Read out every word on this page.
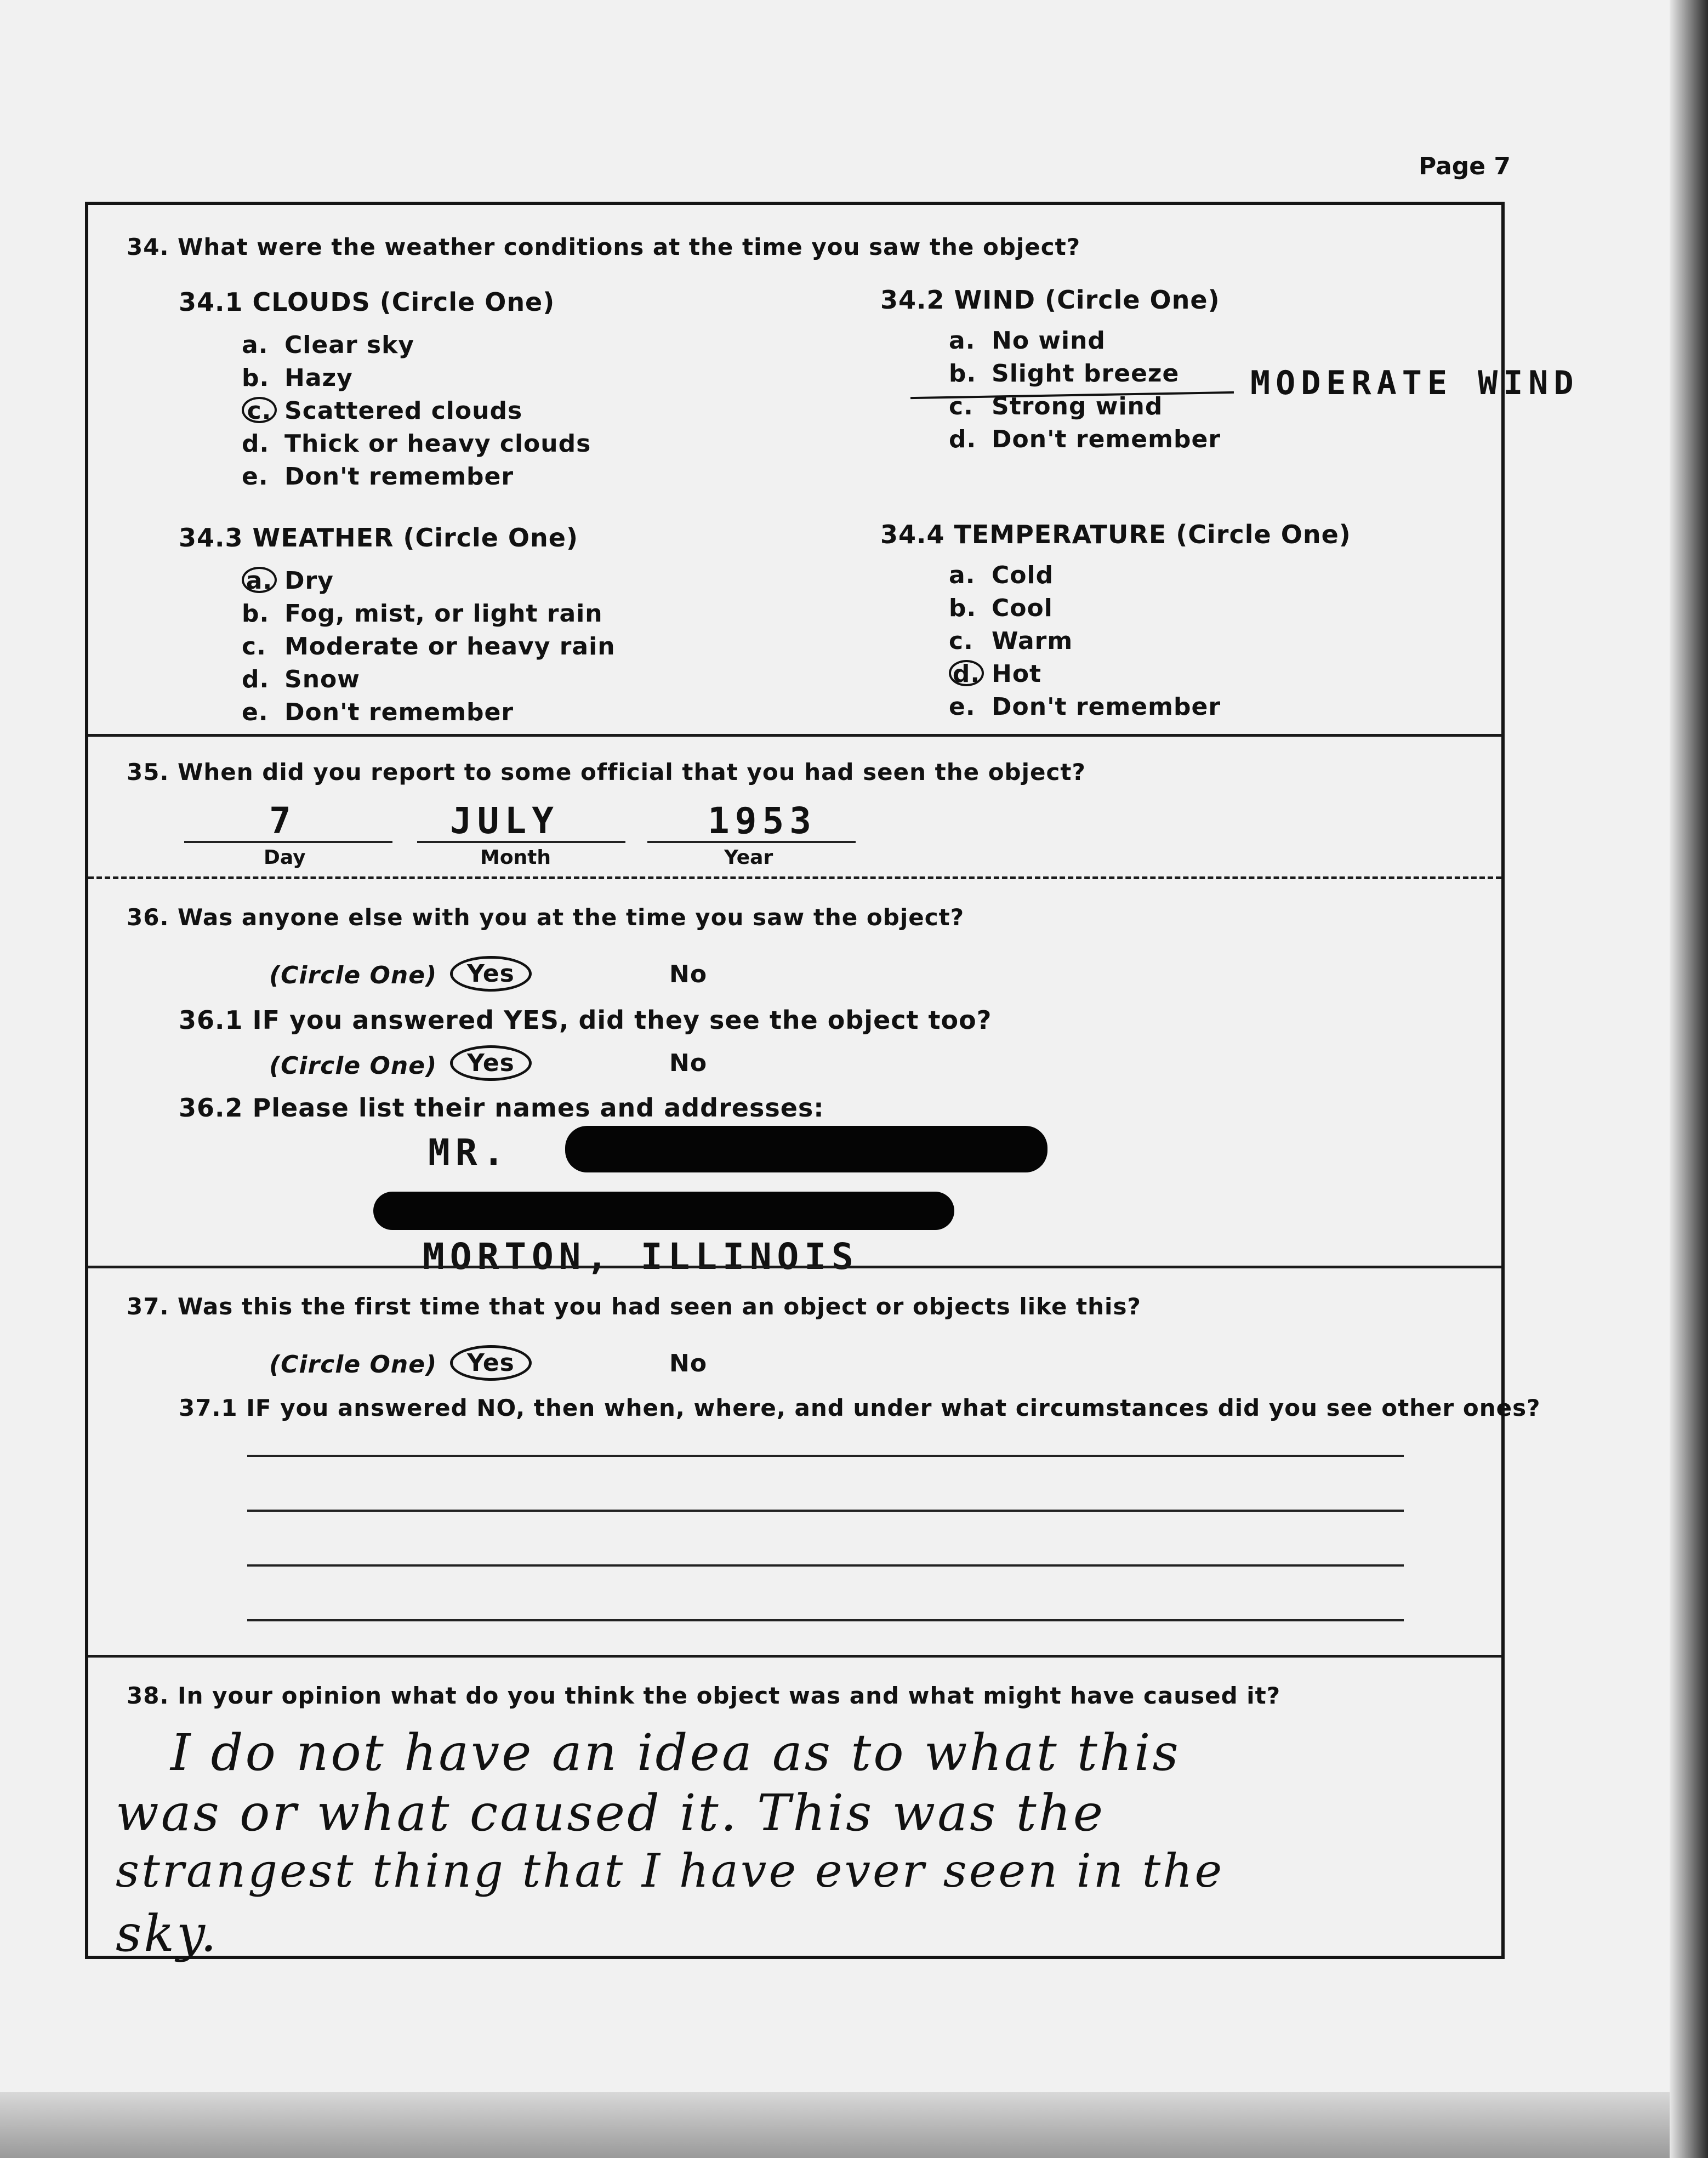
Page 7
34. What were the weather conditions at the time you saw the object?
34.1 CLOUDS (Circle One)
a. Clear sky
b. Hazy
c. Scattered clouds
d. Thick or heavy clouds
e. Don't remember
34.2 WIND (Circle One)
a. No wind
b. Slight breeze
c. Strong wind
d. Don't remember
MODERATE WIND
34.3 WEATHER (Circle One)
a. Dry
b. Fog, mist, or light rain
c. Moderate or heavy rain
d. Snow
e. Don't remember
34.4 TEMPERATURE (Circle One)
a. Cold
b. Cool
c. Warm
d. Hot
e. Don't remember
35. When did you report to some official that you had seen the object?
7
Day
JULY
Month
1953
Year
36. Was anyone else with you at the time you saw the object?
(Circle One)	Yes	No
36.1 IF you answered YES, did they see the object too?
(Circle One)	Yes	No
36.2 Please list their names and addresses:
MR.
MORTON, ILLINOIS
37. Was this the first time that you had seen an object or objects like this?
(Circle One)	Yes	No
37.1 IF you answered NO, then when, where, and under what circumstances did you see other ones?
38. In your opinion what do you think the object was and what might have caused it?
I do not have an idea as to what this
was or what caused it. This was the
strangest thing that I have ever seen in the
sky.
